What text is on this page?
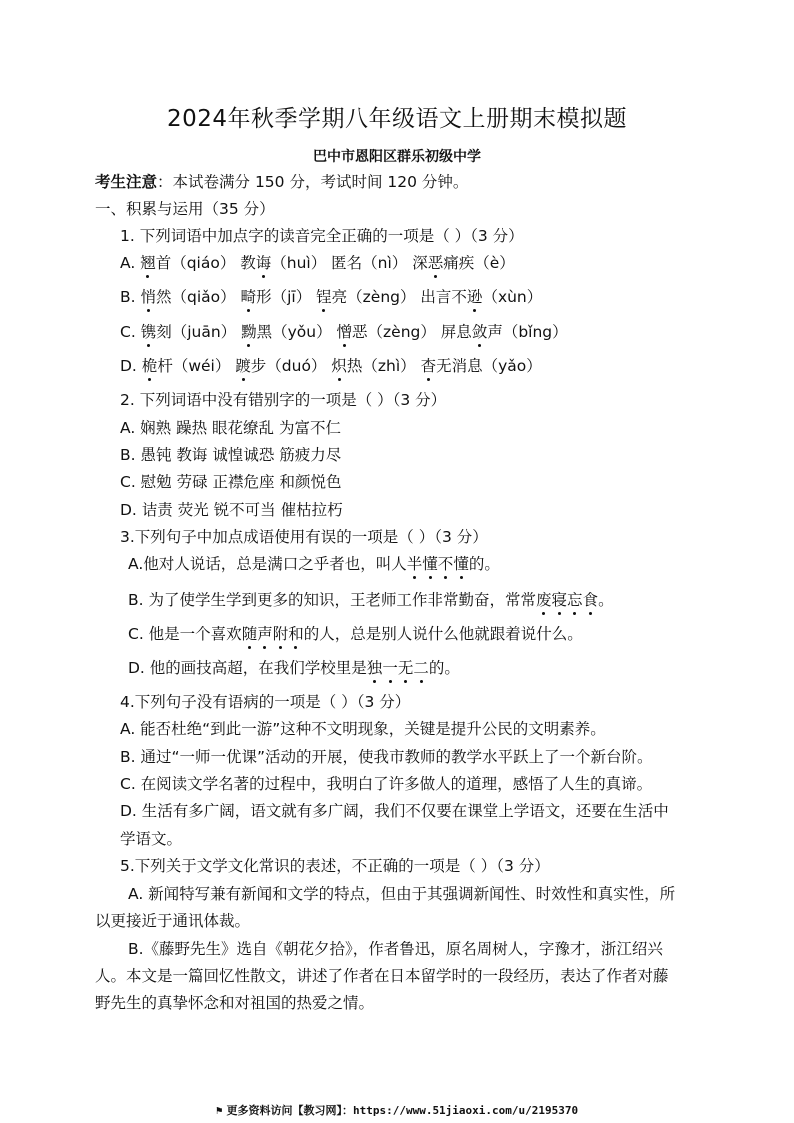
2024年秋季学期八年级语文上册期末模拟题
巴中市恩阳区群乐初级中学
考生注意：本试卷满分 150 分，考试时间 120 分钟。
一、积累与运用（35 分）
1. 下列词语中加点字的读音完全正确的一项是（ ）（3 分）
A. 翘首（qiáo） 教诲（huì） 匿名（nì） 深恶痛疾（è）
B. 悄然（qiǎo） 畸形（jī） 锃亮（zèng） 出言不逊（xùn）
C. 镌刻（juān） 黝黑（yǒu） 憎恶（zèng） 屏息敛声（bǐng）
D. 桅杆（wéi） 踱步（duó） 炽热（zhì） 杳无消息（yǎo）
2. 下列词语中没有错别字的一项是（ ）（3 分）
A. 娴熟 躁热 眼花缭乱 为富不仁
B. 愚钝 教诲 诚惶诚恐 筋疲力尽
C. 慰勉 劳碌 正襟危座 和颜悦色
D. 诘责 荧光 锐不可当 催枯拉朽
3.下列句子中加点成语使用有误的一项是（ ）（3 分）
A.他对人说话，总是满口之乎者也，叫人半懂不懂的。
B. 为了使学生学到更多的知识，王老师工作非常勤奋，常常废寝忘食。
C. 他是一个喜欢随声附和的人，总是别人说什么他就跟着说什么。
D. 他的画技高超，在我们学校里是独一无二的。
4.下列句子没有语病的一项是（ ）（3 分）
A. 能否杜绝“到此一游”这种不文明现象，关键是提升公民的文明素养。
B. 通过“一师一优课”活动的开展，使我市教师的教学水平跃上了一个新台阶。
C. 在阅读文学名著的过程中，我明白了许多做人的道理，感悟了人生的真谛。
D. 生活有多广阔，语文就有多广阔，我们不仅要在课堂上学语文，还要在生活中
学语文。
5.下列关于文学文化常识的表述，不正确的一项是（ ）（3 分）
A. 新闻特写兼有新闻和文学的特点，但由于其强调新闻性、时效性和真实性，所
以更接近于通讯体裁。
B.《藤野先生》选自《朝花夕拾》，作者鲁迅，原名周树人，字豫才，浙江绍兴
人。本文是一篇回忆性散文，讲述了作者在日本留学时的一段经历，表达了作者对藤
野先生的真挚怀念和对祖国的热爱之情。
⚑ 更多资料访问【教习网】：https://www.51jiaoxi.com/u/2195370
